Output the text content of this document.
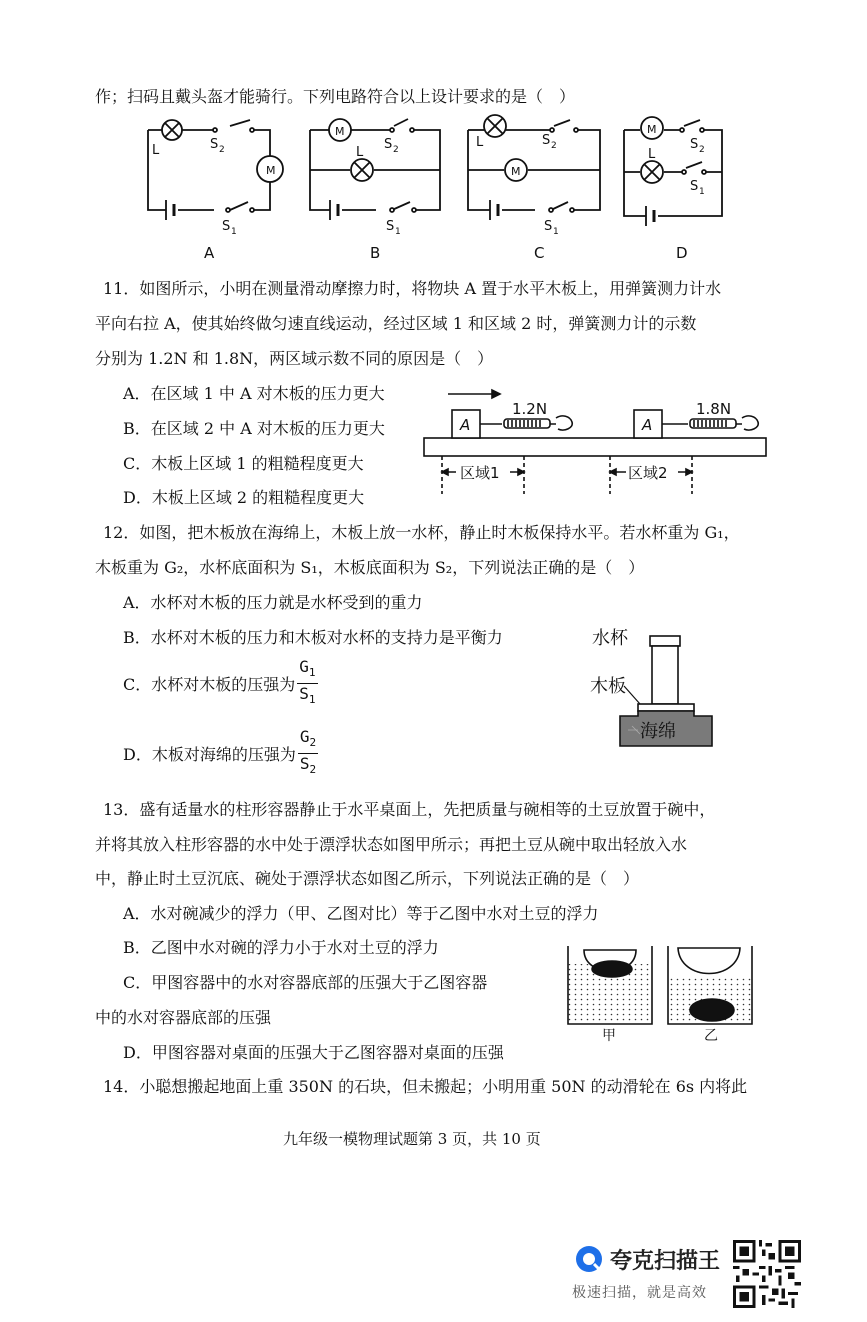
作；扫码且戴头盔才能骑行。下列电路符合以上设计要求的是（　）
L	S 2
M
S 1
M
L
S 2
S 1
L	S 2
M
S 1
M
L
S 2
S 1
A	B	C	D
11．如图所示，小明在测量滑动摩擦力时，将物块 A 置于水平木板上，用弹簧测力计水
平向右拉 A，使其始终做匀速直线运动，经过区域 1 和区域 2 时，弹簧测力计的示数
分别为 1.2N 和 1.8N，两区域示数不同的原因是（　）
A．在区域 1 中 A 对木板的压力更大
B．在区域 2 中 A 对木板的压力更大
C．木板上区域 1 的粗糙程度更大
D．木板上区域 2 的粗糙程度更大
A	A
1.2N	1.8N
区域1	区域2
12．如图，把木板放在海绵上，木板上放一水杯，静止时木板保持水平。若水杯重为 G₁，
木板重为 G₂，水杯底面积为 S₁，木板底面积为 S₂，下列说法正确的是（　）
A．水杯对木板的压力就是水杯受到的重力
B．水杯对木板的压力和木板对水杯的支持力是平衡力
C．水杯对木板的压强为 $\frac{G_1}{S_1}$
D．木板对海绵的压强为 $\frac{G_2}{S_2}$
水杯
木板
海绵
13．盛有适量水的柱形容器静止于水平桌面上，先把质量与碗相等的土豆放置于碗中，
并将其放入柱形容器的水中处于漂浮状态如图甲所示；再把土豆从碗中取出轻放入水
中，静止时土豆沉底、碗处于漂浮状态如图乙所示，下列说法正确的是（　）
A．水对碗减少的浮力（甲、乙图对比）等于乙图中水对土豆的浮力
B．乙图中水对碗的浮力小于水对土豆的浮力
C．甲图容器中的水对容器底部的压强大于乙图容器
中的水对容器底部的压强
D．甲图容器对桌面的压强大于乙图容器对桌面的压强
甲	乙
14．小聪想搬起地面上重 350N 的石块，但未搬起；小明用重 50N 的动滑轮在 6s 内将此
九年级一模物理试题第 3 页，共 10 页
夸克扫描王
极速扫描，就是高效
